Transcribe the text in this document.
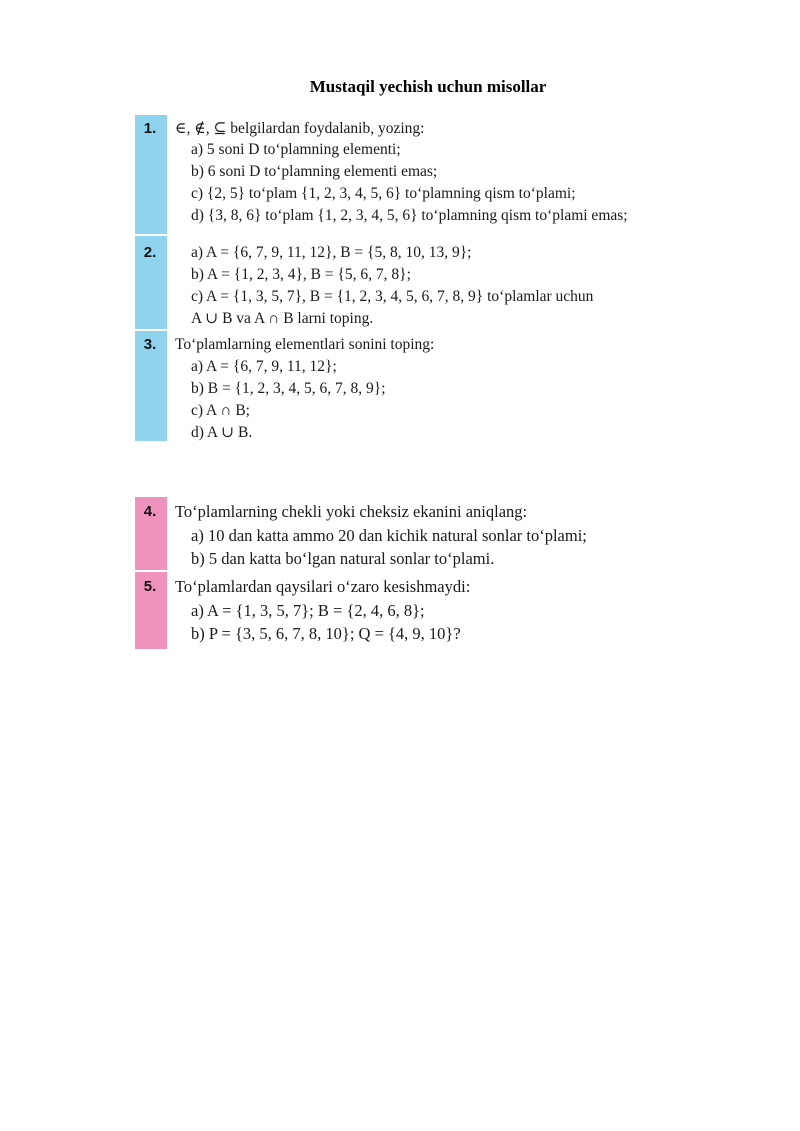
Mustaqil yechish uchun misollar
1.	∈, ∉, ⊆ belgilardan foydalanib, yozing:
a) 5 soni D to‘plamning elementi;
b) 6 soni D to‘plamning elementi emas;
c) {2, 5} to‘plam {1, 2, 3, 4, 5, 6} to‘plamning qism to‘plami;
d) {3, 8, 6} to‘plam {1, 2, 3, 4, 5, 6} to‘plamning qism to‘plami emas;
2.	a) A = {6, 7, 9, 11, 12}, B = {5, 8, 10, 13, 9};
b) A = {1, 2, 3, 4}, B = {5, 6, 7, 8};
c) A = {1, 3, 5, 7}, B = {1, 2, 3, 4, 5, 6, 7, 8, 9} to‘plamlar uchun
A ∪ B va A ∩ B larni toping.
3.	To‘plamlarning elementlari sonini toping:
a) A = {6, 7, 9, 11, 12};
b) B = {1, 2, 3, 4, 5, 6, 7, 8, 9};
c) A ∩ B;
d) A ∪ B.
4.	To‘plamlarning chekli yoki cheksiz ekanini aniqlang:
a) 10 dan katta ammo 20 dan kichik natural sonlar to‘plami;
b) 5 dan katta bo‘lgan natural sonlar to‘plami.
5.	To‘plamlardan qaysilari o‘zaro kesishmaydi:
a) A = {1, 3, 5, 7}; B = {2, 4, 6, 8};
b) P = {3, 5, 6, 7, 8, 10}; Q = {4, 9, 10}?
